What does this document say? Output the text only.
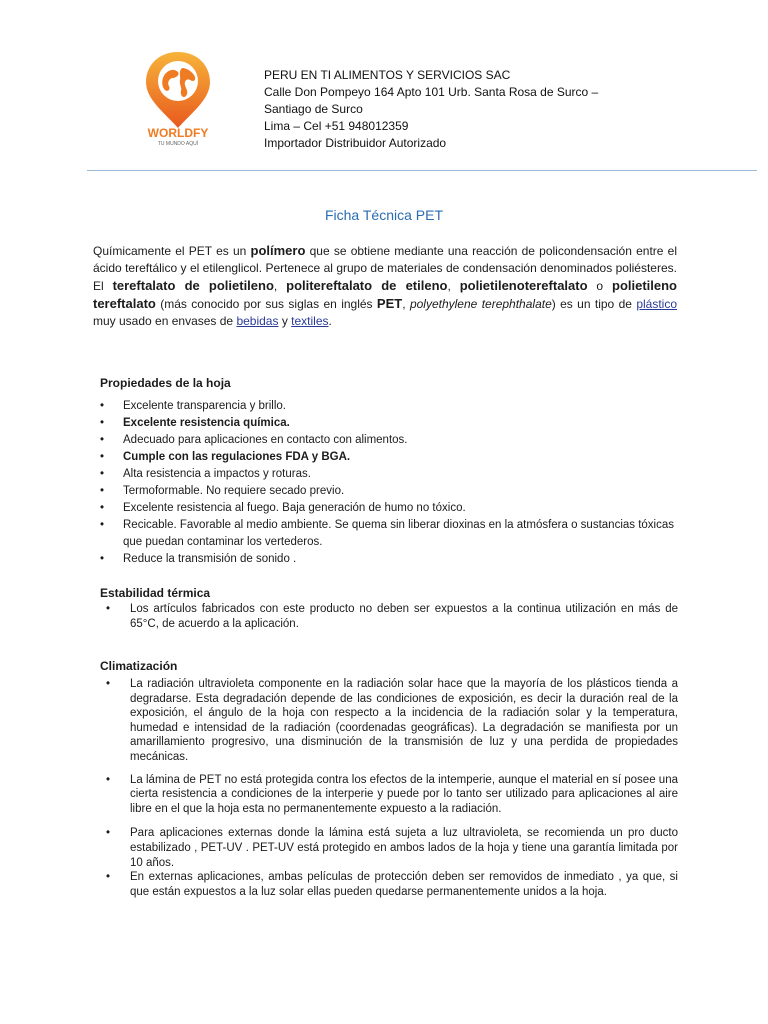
WORLDFY
TU MUNDO AQUÍ
PERU EN TI ALIMENTOS Y SERVICIOS SAC
Calle Don Pompeyo 164 Apto 101 Urb. Santa Rosa de Surco –
Santiago de Surco
Lima – Cel +51 948012359
Importador Distribuidor Autorizado
Ficha Técnica PET
Químicamente el PET es un polímero que se obtiene mediante una reacción de policondensación entre el ácido tereftálico y el etilenglicol. Pertenece al grupo de materiales de condensación denominados poliésteres. El tereftalato de polietileno, politereftalato de etileno, polietilenotereftalato o polietileno tereftalato (más conocido por sus siglas en inglés PET, polyethylene terephthalate) es un tipo de plástico muy usado en envases de bebidas y textiles.
Propiedades de la hoja
• Excelente transparencia y brillo.
• Excelente resistencia química.
• Adecuado para aplicaciones en contacto con alimentos.
• Cumple con las regulaciones FDA y BGA.
• Alta resistencia a impactos y roturas.
• Termoformable. No requiere secado previo.
• Excelente resistencia al fuego. Baja generación de humo no tóxico.
• Recicable. Favorable al medio ambiente. Se quema sin liberar dioxinas en la atmósfera o sustancias tóxicas que puedan contaminar los vertederos.
• Reduce la transmisión de sonido .
Estabilidad térmica
• Los artículos fabricados con este producto no deben ser expuestos a la continua utilización en más de 65°C, de acuerdo a la aplicación.
Climatización
• La radiación ultravioleta componente en la radiación solar hace que la mayoría de los plásticos tienda a degradarse. Esta degradación depende de las condiciones de exposición, es decir la duración real de la exposición, el ángulo de la hoja con respecto a la incidencia de la radiación solar y la temperatura, humedad e intensidad de la radiación (coordenadas geográficas). La degradación se manifiesta por un amarillamiento progresivo, una disminución de la transmisión de luz y una perdida de propiedades mecánicas.
• La lámina de PET no está protegida contra los efectos de la intemperie, aunque el material en sí posee una cierta resistencia a condiciones de la interperie y puede por lo tanto ser utilizado para aplicaciones al aire libre en el que la hoja esta no permanentemente expuesto a la radiación.
• Para aplicaciones externas donde la lámina está sujeta a luz ultravioleta, se recomienda un pro ducto estabilizado , PET-UV . PET-UV está protegido en ambos lados de la hoja y tiene una garantía limitada por 10 años.
• En externas aplicaciones, ambas películas de protección deben ser removidos de inmediato , ya que, si que están expuestos a la luz solar ellas pueden quedarse permanentemente unidos a la hoja.
